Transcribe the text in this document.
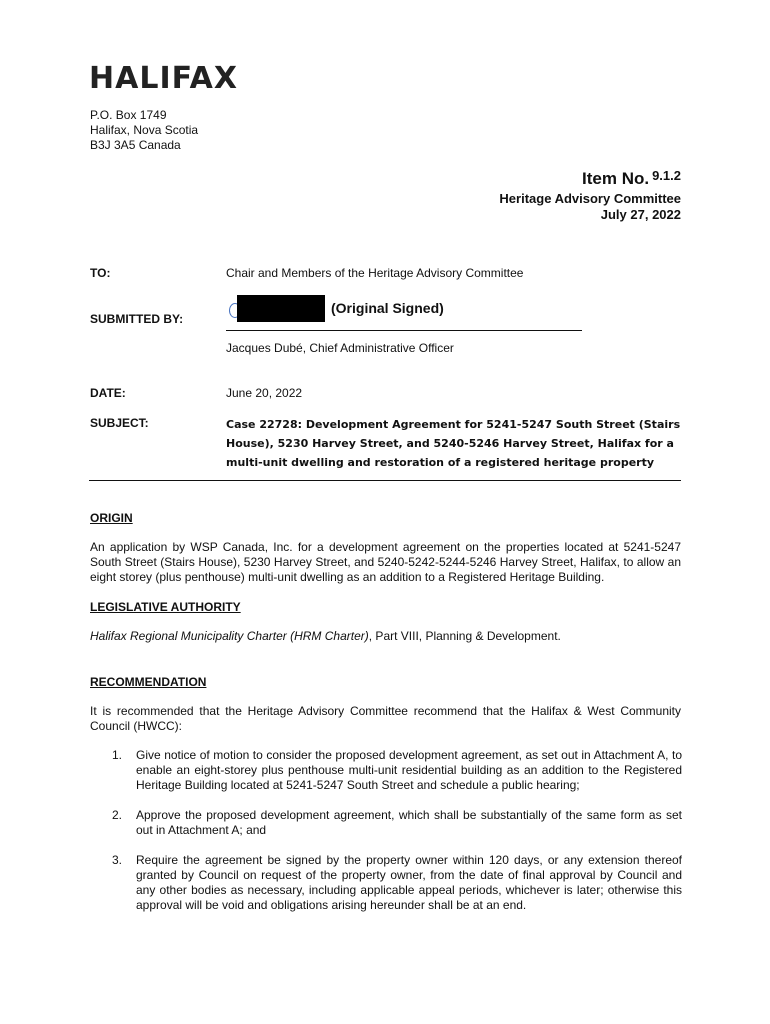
HALIFAX
P.O. Box 1749
Halifax, Nova Scotia
B3J 3A5 Canada
Item No. $^{9.1.2}$
Heritage Advisory Committee
July 27, 2022
TO:	Chair and Members of the Heritage Advisory Committee
SUBMITTED BY:
(Original Signed)
Jacques Dubé, Chief Administrative Officer
DATE:	June 20, 2022
SUBJECT:	Case 22728: Development Agreement for 5241-5247 South Street (Stairs House), 5230 Harvey Street, and 5240-5246 Harvey Street, Halifax for a multi-unit dwelling and restoration of a registered heritage property
ORIGIN
An application by WSP Canada, Inc. for a development agreement on the properties located at 5241-5247 South Street (Stairs House), 5230 Harvey Street, and 5240-5242-5244-5246 Harvey Street, Halifax, to allow an eight storey (plus penthouse) multi-unit dwelling as an addition to a Registered Heritage Building.
LEGISLATIVE AUTHORITY
Halifax Regional Municipality Charter (HRM Charter), Part VIII, Planning & Development.
RECOMMENDATION
It is recommended that the Heritage Advisory Committee recommend that the Halifax & West Community Council (HWCC):
1.	Give notice of motion to consider the proposed development agreement, as set out in Attachment A, to enable an eight-storey plus penthouse multi-unit residential building as an addition to the Registered Heritage Building located at 5241-5247 South Street and schedule a public hearing;
2.	Approve the proposed development agreement, which shall be substantially of the same form as set out in Attachment A; and
3.	Require the agreement be signed by the property owner within 120 days, or any extension thereof granted by Council on request of the property owner, from the date of final approval by Council and any other bodies as necessary, including applicable appeal periods, whichever is later; otherwise this approval will be void and obligations arising hereunder shall be at an end.
